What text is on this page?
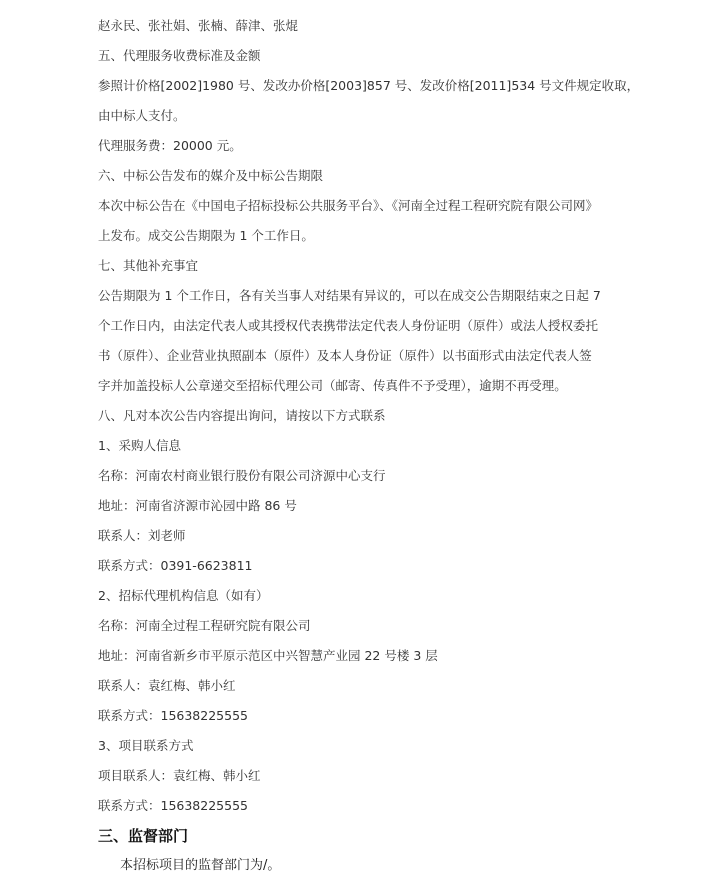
赵永民、张社娟、张楠、薛津、张焜
五、代理服务收费标准及金额
参照计价格[2002]1980 号、发改办价格[2003]857 号、发改价格[2011]534 号文件规定收取，
由中标人支付。
代理服务费：20000 元。
六、中标公告发布的媒介及中标公告期限
本次中标公告在《中国电子招标投标公共服务平台》、《河南全过程工程研究院有限公司网》
上发布。成交公告期限为 1 个工作日。
七、其他补充事宜
公告期限为 1 个工作日，各有关当事人对结果有异议的，可以在成交公告期限结束之日起 7
个工作日内，由法定代表人或其授权代表携带法定代表人身份证明（原件）或法人授权委托
书（原件）、企业营业执照副本（原件）及本人身份证（原件）以书面形式由法定代表人签
字并加盖投标人公章递交至招标代理公司（邮寄、传真件不予受理），逾期不再受理。
八、凡对本次公告内容提出询问，请按以下方式联系
1、采购人信息
名称：河南农村商业银行股份有限公司济源中心支行
地址：河南省济源市沁园中路 86 号
联系人：刘老师
联系方式：0391-6623811
2、招标代理机构信息（如有）
名称：河南全过程工程研究院有限公司
地址：河南省新乡市平原示范区中兴智慧产业园 22 号楼 3 层
联系人：袁红梅、韩小红
联系方式：15638225555
3、项目联系方式
项目联系人：袁红梅、韩小红
联系方式：15638225555
三、监督部门
本招标项目的监督部门为/。
